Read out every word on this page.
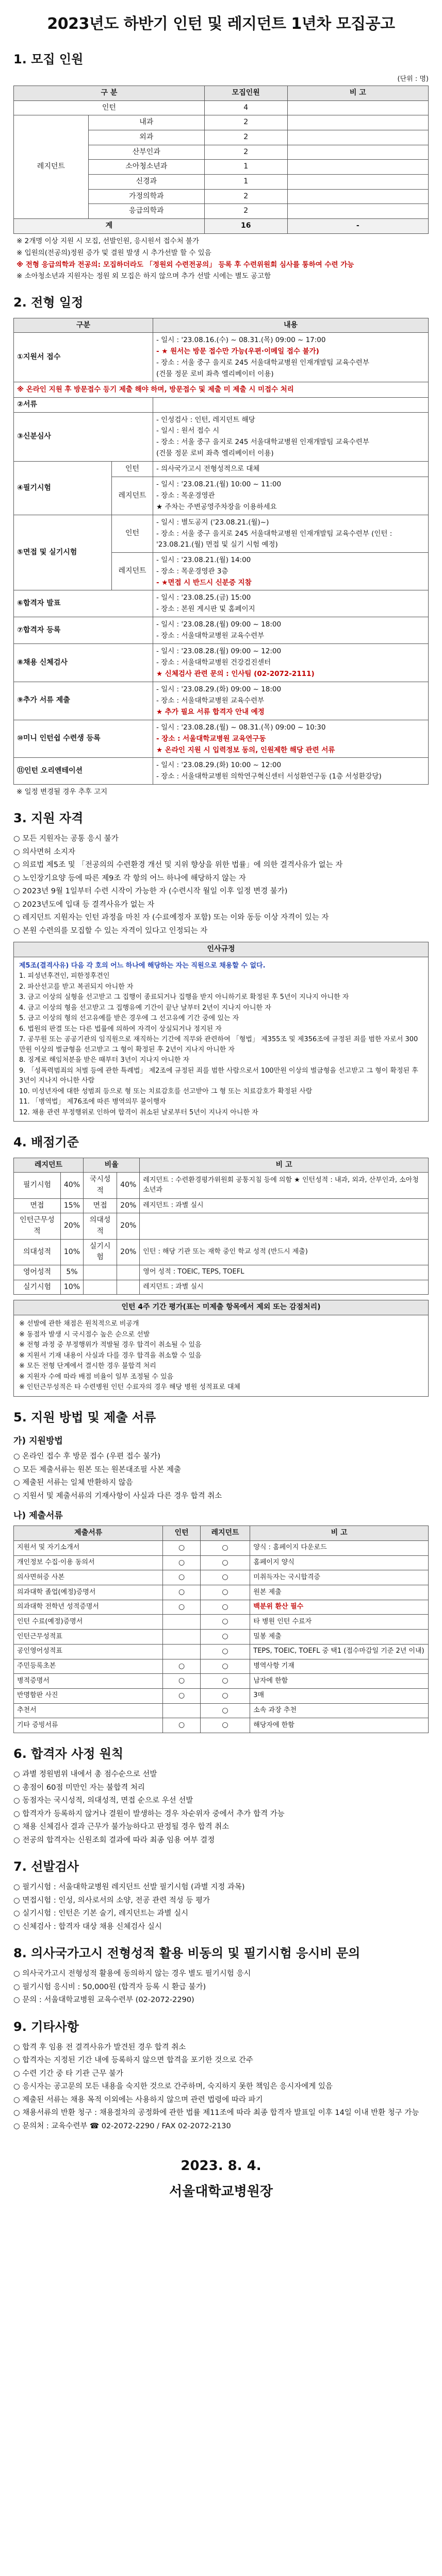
2023년도 하반기 인턴 및 레지던트 1년차 모집공고
1. 모집 인원
(단위 : 명)
구 분		모집인원	비 고
인턴		4	
레지던트	내과	2	
	외과	2	
	산부인과	2	
	소아청소년과	1	
	신경과	1	
	가정의학과	2	
	응급의학과	2	
계		16	-

※ 2개명 이상 지원 시 모집, 선발인원, 응시원서 접수처 불가

※ 입원의(전공의)정원 증가 및 결원 발생 시 추가선발 할 수 있음

※ 전형 응급의학과 전공의: 모집하더라도 「정원외 수련전공의」 등록 후 수련위원회 심사를 통하여 수련 가능

※ 소아청소년과 지원자는 정원 외 모집은 하지 않으며 추가 선발 시에는 별도 공고함

2. 전형 일정
구분		내용
①지원서 접수		- 일시 : '23.08.16.(수) ~ 08.31.(목) 09:00 ~ 17:00

- ★ 원서는 방문 접수만 가능(우편·이메일 접수 불가)

- 장소 : 서울 중구 을지로 245 서울대학교병원 인재개발팀 교육수련부

(건물 정문 로비 좌측 엘리베이터 이용)

※ 온라인 지원 후 방문접수 등기 제출 해야 하며, 방문접수 및 제출 미 제출 시 미접수 처리		

②서류		
③신분심사		- 인성검사 : 인턴, 레지던트 해당

- 일시 : 원서 접수 시

- 장소 : 서울 중구 을지로 245 서울대학교병원 인재개발팀 교육수련부

(건물 정문 로비 좌측 엘리베이터 이용)

④필기시험	인턴	- 의사국가고시 전형성적으로 대체

	레지던트	- 일시 : '23.08.21.(월) 10:00 ~ 11:00

- 장소 : 목운경영관

★ 주차는 주변공영주차장을 이용하세요

⑤면접 및 실기시험	인턴	- 일시 : 별도공지 ('23.08.21.(월)~)

- 장소 : 서울 중구 을지로 245 서울대학교병원 인재개발팀 교육수련부 (인턴 : '23.08.21.(월) 면접 및 실기 시험 예정)

	레지던트	- 일시 : '23.08.21.(월) 14:00

- 장소 : 목운경영관 3층

- ★면접 시 반드시 신분증 지참

⑥합격자 발표		- 일시 : '23.08.25.(금) 15:00

- 장소 : 본원 게시판 및 홈페이지

⑦합격자 등록		- 일시 : '23.08.28.(월) 09:00 ~ 18:00

- 장소 : 서울대학교병원 교육수련부

⑧채용 신체검사		- 일시 : '23.08.28.(월) 09:00 ~ 12:00

- 장소 : 서울대학교병원 건강검진센터

★ 신체검사 관련 문의 : 인사팀 (02-2072-2111)

⑨추가 서류 제출		- 일시 : '23.08.29.(화) 09:00 ~ 18:00

- 장소 : 서울대학교병원 교육수련부

★ 추가 필요 서류 합격자 안내 예정

⑩미니 인턴쉽 수련생 등록		- 일시 : '23.08.28.(월) ~ 08.31.(목) 09:00 ~ 10:30

- 장소 : 서울대학교병원 교육연구동

★ 온라인 지원 시 입력정보 동의, 인원제한 해당 관련 서류

⑪인턴 오리엔테이션		- 일시 : '23.08.29.(화) 10:00 ~ 12:00

- 장소 : 서울대학교병원 의학연구혁신센터 서성환연구동 (1층 서성환강당)

※ 일정 변경될 경우 추후 고지
3. 지원 자격

○ 모든 지원자는 공통 응시 불가

○ 의사면허 소지자

○ 의료법 제5조 및 「전공의의 수련환경 개선 및 지위 향상을 위한 법률」에 의한 결격사유가 없는 자

○ 노인장기요양 등에 따른 제9조 각 항의 어느 하나에 해당하지 않는 자

○ 2023년 9월 1일부터 수련 시작이 가능한 자 (수련시작 월일 이후 일정 변경 불가)

○ 2023년도에 입대 등 결격사유가 없는 자

○ 레지던트 지원자는 인턴 과정을 마친 자 (수료예정자 포함) 또는 이와 동등 이상 자격이 있는 자

○ 본원 수련의를 모집할 수 있는 자격이 있다고 인정되는 자

인사규정

제5조(결격사유) 다음 각 호의 어느 하나에 해당하는 자는 직원으로 채용할 수 없다.

1. 피성년후견인, 피한정후견인

2. 파산선고를 받고 복권되지 아니한 자

3. 금고 이상의 실형을 선고받고 그 집행이 종료되거나 집행을 받지 아니하기로 확정된 후 5년이 지나지 아니한 자

4. 금고 이상의 형을 선고받고 그 집행유예 기간이 끝난 날부터 2년이 지나지 아니한 자

5. 금고 이상의 형의 선고유예를 받은 경우에 그 선고유예 기간 중에 있는 자

6. 법원의 판결 또는 다른 법률에 의하여 자격이 상실되거나 정지된 자

7. 공무원 또는 공공기관의 임직원으로 재직하는 기간에 직무와 관련하여 「형법」 제355조 및 제356조에 규정된 죄를 범한 자로서 300만원 이상의 벌금형을 선고받고 그 형이 확정된 후 2년이 지나지 아니한 자

8. 징계로 해임처분을 받은 때부터 3년이 지나지 아니한 자

9. 「성폭력범죄의 처벌 등에 관한 특례법」 제2조에 규정된 죄를 범한 사람으로서 100만원 이상의 벌금형을 선고받고 그 형이 확정된 후 3년이 지나지 아니한 사람

10. 미성년자에 대한 성범죄 등으로 형 또는 치료감호를 선고받아 그 형 또는 치료감호가 확정된 사람

11. 「병역법」 제76조에 따른 병역의무 불이행자

12. 채용 관련 부정행위로 인하여 합격이 취소된 날로부터 5년이 지나지 아니한 자

4. 배점기준
레지던트		비율		비 고
필기시험	40%	국시성적	40%	레지던트 : 수련환경평가위원회 공통지침 등에 의함 ★ 인턴성적 : 내과, 외과, 산부인과, 소아청소년과
면접	15%	면접	20%	레지던트 : 과별 실시
인턴근무성적	20%	의대성적	20%	
의대성적	10%	실기시험	20%	인턴 : 해당 기관 또는 재학 중인 학교 성적 (반드시 제출)
영어성적	5%			영어 성적 : TOEIC, TEPS, TOEFL
실기시험	10%			레지던트 : 과별 실시
인턴 4주 기간 평가(표는 미제출 항목에서 제외 또는 감점처리)

※ 선발에 관한 채점은 원칙적으로 비공개

※ 동점자 발생 시 국시점수 높은 순으로 선발

※ 전형 과정 중 부정행위가 적발될 경우 합격이 취소될 수 있음

※ 지원서 기재 내용이 사실과 다를 경우 합격을 취소할 수 있음

※ 모든 전형 단계에서 결시한 경우 불합격 처리

※ 지원자 수에 따라 배점 비율이 일부 조정될 수 있음

※ 인턴근무성적은 타 수련병원 인턴 수료자의 경우 해당 병원 성적표로 대체

5. 지원 방법 및 제출 서류
가) 지원방법

○ 온라인 접수 후 방문 접수 (우편 접수 불가)

○ 모든 제출서류는 원본 또는 원본대조필 사본 제출

○ 제출된 서류는 일체 반환하지 않음

○ 지원서 및 제출서류의 기재사항이 사실과 다른 경우 합격 취소

나) 제출서류
제출서류	인턴	레지던트	비 고
지원서 및 자기소개서	○	○	양식 : 홈페이지 다운로드
개인정보 수집·이용 동의서	○	○	홈페이지 양식
의사면허증 사본	○	○	미취득자는 국시합격증
의과대학 졸업(예정)증명서	○	○	원본 제출
의과대학 전학년 성적증명서	○	○	백분위 환산 필수
인턴 수료(예정)증명서		○	타 병원 인턴 수료자
인턴근무성적표		○	밀봉 제출
공인영어성적표		○	TEPS, TOEIC, TOEFL 중 택1 (접수마감일 기준 2년 이내)
주민등록초본	○	○	병역사항 기재
병적증명서	○	○	남자에 한함
반명함판 사진	○	○	3매
추천서		○	소속 과장 추천
기타 증빙서류	○	○	해당자에 한함
6. 합격자 사정 원칙

○ 과별 정원범위 내에서 총 점수순으로 선발

○ 총점이 60점 미만인 자는 불합격 처리

○ 동점자는 국시성적, 의대성적, 면접 순으로 우선 선발

○ 합격자가 등록하지 않거나 결원이 발생하는 경우 차순위자 중에서 추가 합격 가능

○ 채용 신체검사 결과 근무가 불가능하다고 판정될 경우 합격 취소

○ 전공의 합격자는 신원조회 결과에 따라 최종 임용 여부 결정

7. 선발검사

○ 필기시험 : 서울대학교병원 레지던트 선발 필기시험 (과별 지정 과목)

○ 면접시험 : 인성, 의사로서의 소양, 전공 관련 적성 등 평가

○ 실기시험 : 인턴은 기본 술기, 레지던트는 과별 실시

○ 신체검사 : 합격자 대상 채용 신체검사 실시

8. 의사국가고시 전형성적 활용 비동의 및 필기시험 응시비 문의

○ 의사국가고시 전형성적 활용에 동의하지 않는 경우 별도 필기시험 응시

○ 필기시험 응시비 : 50,000원 (합격자 등록 시 환급 불가)

○ 문의 : 서울대학교병원 교육수련부 (02-2072-2290)

9. 기타사항

○ 합격 후 임용 전 결격사유가 발견된 경우 합격 취소

○ 합격자는 지정된 기간 내에 등록하지 않으면 합격을 포기한 것으로 간주

○ 수련 기간 중 타 기관 근무 불가

○ 응시자는 공고문의 모든 내용을 숙지한 것으로 간주하며, 숙지하지 못한 책임은 응시자에게 있음

○ 제출된 서류는 채용 목적 이외에는 사용하지 않으며 관련 법령에 따라 파기

○ 채용서류의 반환 청구 : 채용절차의 공정화에 관한 법률 제11조에 따라 최종 합격자 발표일 이후 14일 이내 반환 청구 가능

○ 문의처 : 교육수련부 ☎ 02-2072-2290 / FAX 02-2072-2130

2023. 8. 4.
서울대학교병원장
